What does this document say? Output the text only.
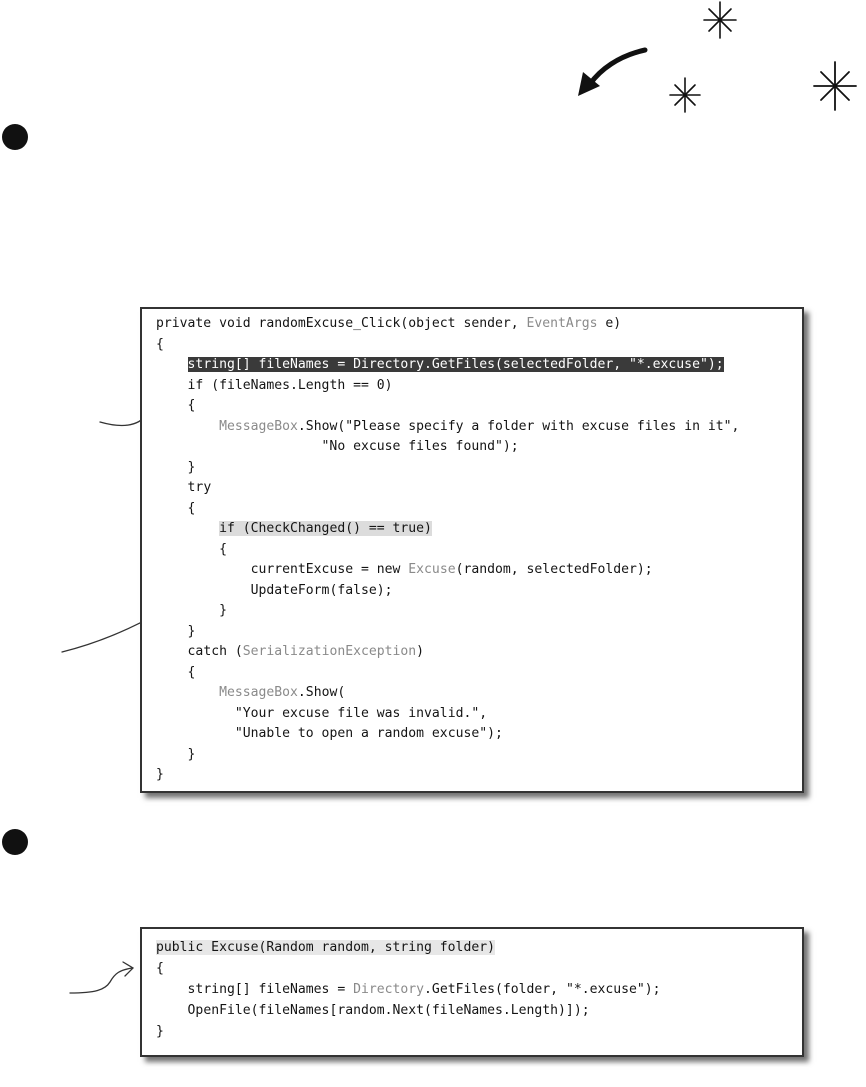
private void randomExcuse_Click(object sender, EventArgs e)
{
string[] fileNames = Directory.GetFiles(selectedFolder, "*.excuse");
if (fileNames.Length == 0)
{
MessageBox.Show("Please specify a folder with excuse files in it",
"No excuse files found");
}
try
{
if (CheckChanged() == true)
{
currentExcuse = new Excuse(random, selectedFolder);
UpdateForm(false);
}
}
catch (SerializationException)
{
MessageBox.Show(
"Your excuse file was invalid.",
"Unable to open a random excuse");
}
}
public Excuse(Random random, string folder)
{
string[] fileNames = Directory.GetFiles(folder, "*.excuse");
OpenFile(fileNames[random.Next(fileNames.Length)]);
}
